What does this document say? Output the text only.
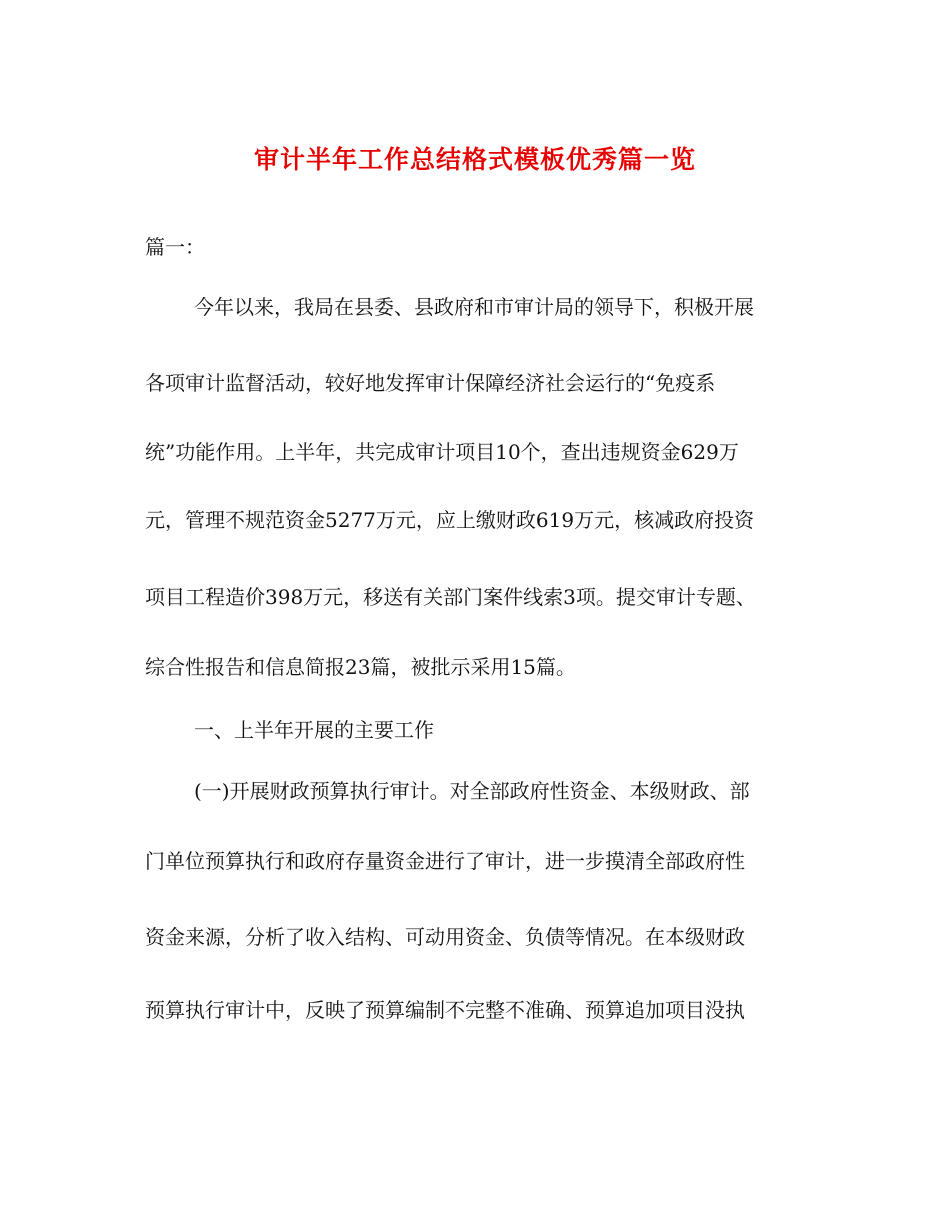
审计半年工作总结格式模板优秀篇一览
篇一：
今年以来，我局在县委、县政府和市审计局的领导下，积极开展
各项审计监督活动，较好地发挥审计保障经济社会运行的“免疫系
统”功能作用。上半年，共完成审计项目10个，查出违规资金629万
元，管理不规范资金5277万元，应上缴财政619万元，核减政府投资
项目工程造价398万元，移送有关部门案件线索3项。提交审计专题、
综合性报告和信息简报23篇，被批示采用15篇。
一、上半年开展的主要工作
(一)开展财政预算执行审计。对全部政府性资金、本级财政、部
门单位预算执行和政府存量资金进行了审计，进一步摸清全部政府性
资金来源，分析了收入结构、可动用资金、负债等情况。在本级财政
预算执行审计中，反映了预算编制不完整不准确、预算追加项目没执
